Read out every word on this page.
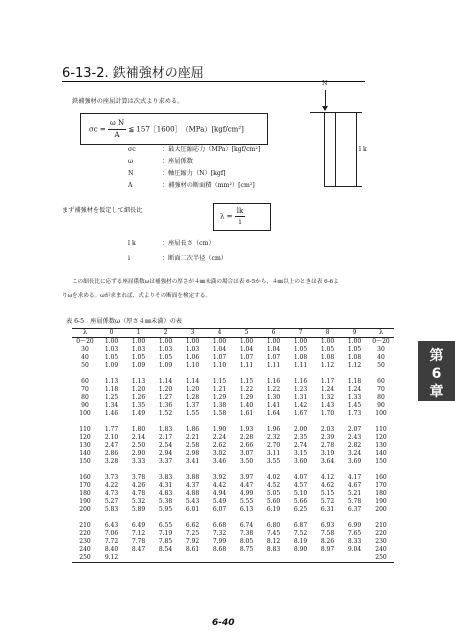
6-13-2. 鉄補強材の座屈
鉄補強材の座屈計算は次式より求める。
$\sigma c = \frac{\text{ω N}}{A}$ ≦ 157［1600］　（MPa）[kgf/cm²]
σc	：最大圧縮応力（MPa）[kgf/cm²]
ω	：座屈係数
N	：軸圧縮力（N）[kgf]
A	：補強材の断面積（mm²）[cm²]
N
l k
まず補強材を仮定して細長比
$\lambda = \frac{lk}{i}$
l k	：座屈長さ（cm）
i	：断面二次半径（cm）
この細長比に応ずる座屈係数ωは補強材の厚さが４㎜未満の場合は表 6-5から，４㎜以上のときは表 6-6よ
りωを求める。ωが求まれば，式よりその断面を検定する。
表 6-5　座屈係数ω（厚さ４㎜未満）の表
λ	0	1	2	3	4	5	6	7	8	9	λ
0〜20	1.00	1.00	1.00	1.00	1.00	1.00	1.00	1.00	1.00	1.00	0〜20
30	1.03	1.03	1.03	1.03	1.04	1.04	1.04	1.05	1.05	1.05	30
40	1.05	1.05	1.05	1.06	1.07	1.07	1.07	1.08	1.08	1.08	40
50	1.09	1.09	1.09	1.10	1.10	1.11	1.11	1.11	1.12	1.12	50

60	1.13	1.13	1.14	1.14	1.15	1.15	1.16	1.16	1.17	1.18	60
70	1.18	1.20	1.20	1.20	1.21	1.22	1.22	1.23	1.24	1.24	70
80	1.25	1.26	1.27	1.28	1.29	1.29	1.30	1.31	1.32	1.33	80
90	1.34	1.35	1.36	1.37	1.38	1.40	1.41	1.42	1.43	1.45	90
100	1.46	1.49	1.52	1.55	1.58	1.61	1.64	1.67	1.70	1.73	100

110	1.77	1.80	1.83	1.86	1.90	1.93	1.96	2.00	2.03	2.07	110
120	2.10	2.14	2.17	2.21	2.24	2.28	2.32	2.35	2.39	2.43	120
130	2.47	2.50	2.54	2.58	2.62	2.66	2.70	2.74	2.78	2.82	130
140	2.86	2.90	2.94	2.98	3.02	3.07	3.11	3.15	3.19	3.24	140
150	3.28	3.33	3.37	3.41	3.46	3.50	3.55	3.60	3.64	3.69	150

160	3.73	3.78	3.83	3.88	3.92	3.97	4.02	4.07	4.12	4.17	160
170	4.22	4.26	4.31	4.37	4.42	4.47	4.52	4.57	4.62	4.67	170
180	4.73	4.78	4.83	4.88	4.94	4.99	5.05	5.10	5.15	5.21	180
190	5.27	5.32	5.38	5.43	5.49	5.55	5.60	5.66	5.72	5.78	190
200	5.83	5.89	5.95	6.01	6.07	6.13	6.19	6.25	6.31	6.37	200

210	6.43	6.49	6.55	6.62	6.68	6.74	6.80	6.87	6.93	6.99	210
220	7.06	7.12	7.19	7.25	7.32	7.38	7.45	7.52	7.58	7.65	220
230	7.72	7.78	7.85	7.92	7.99	8.05	8.12	8.19	8.26	8.33	230
240	8.40	8.47	8.54	8.61	8.68	8.75	8.83	8.90	8.97	9.04	240
250	9.12										250
第
6
章
6-40
